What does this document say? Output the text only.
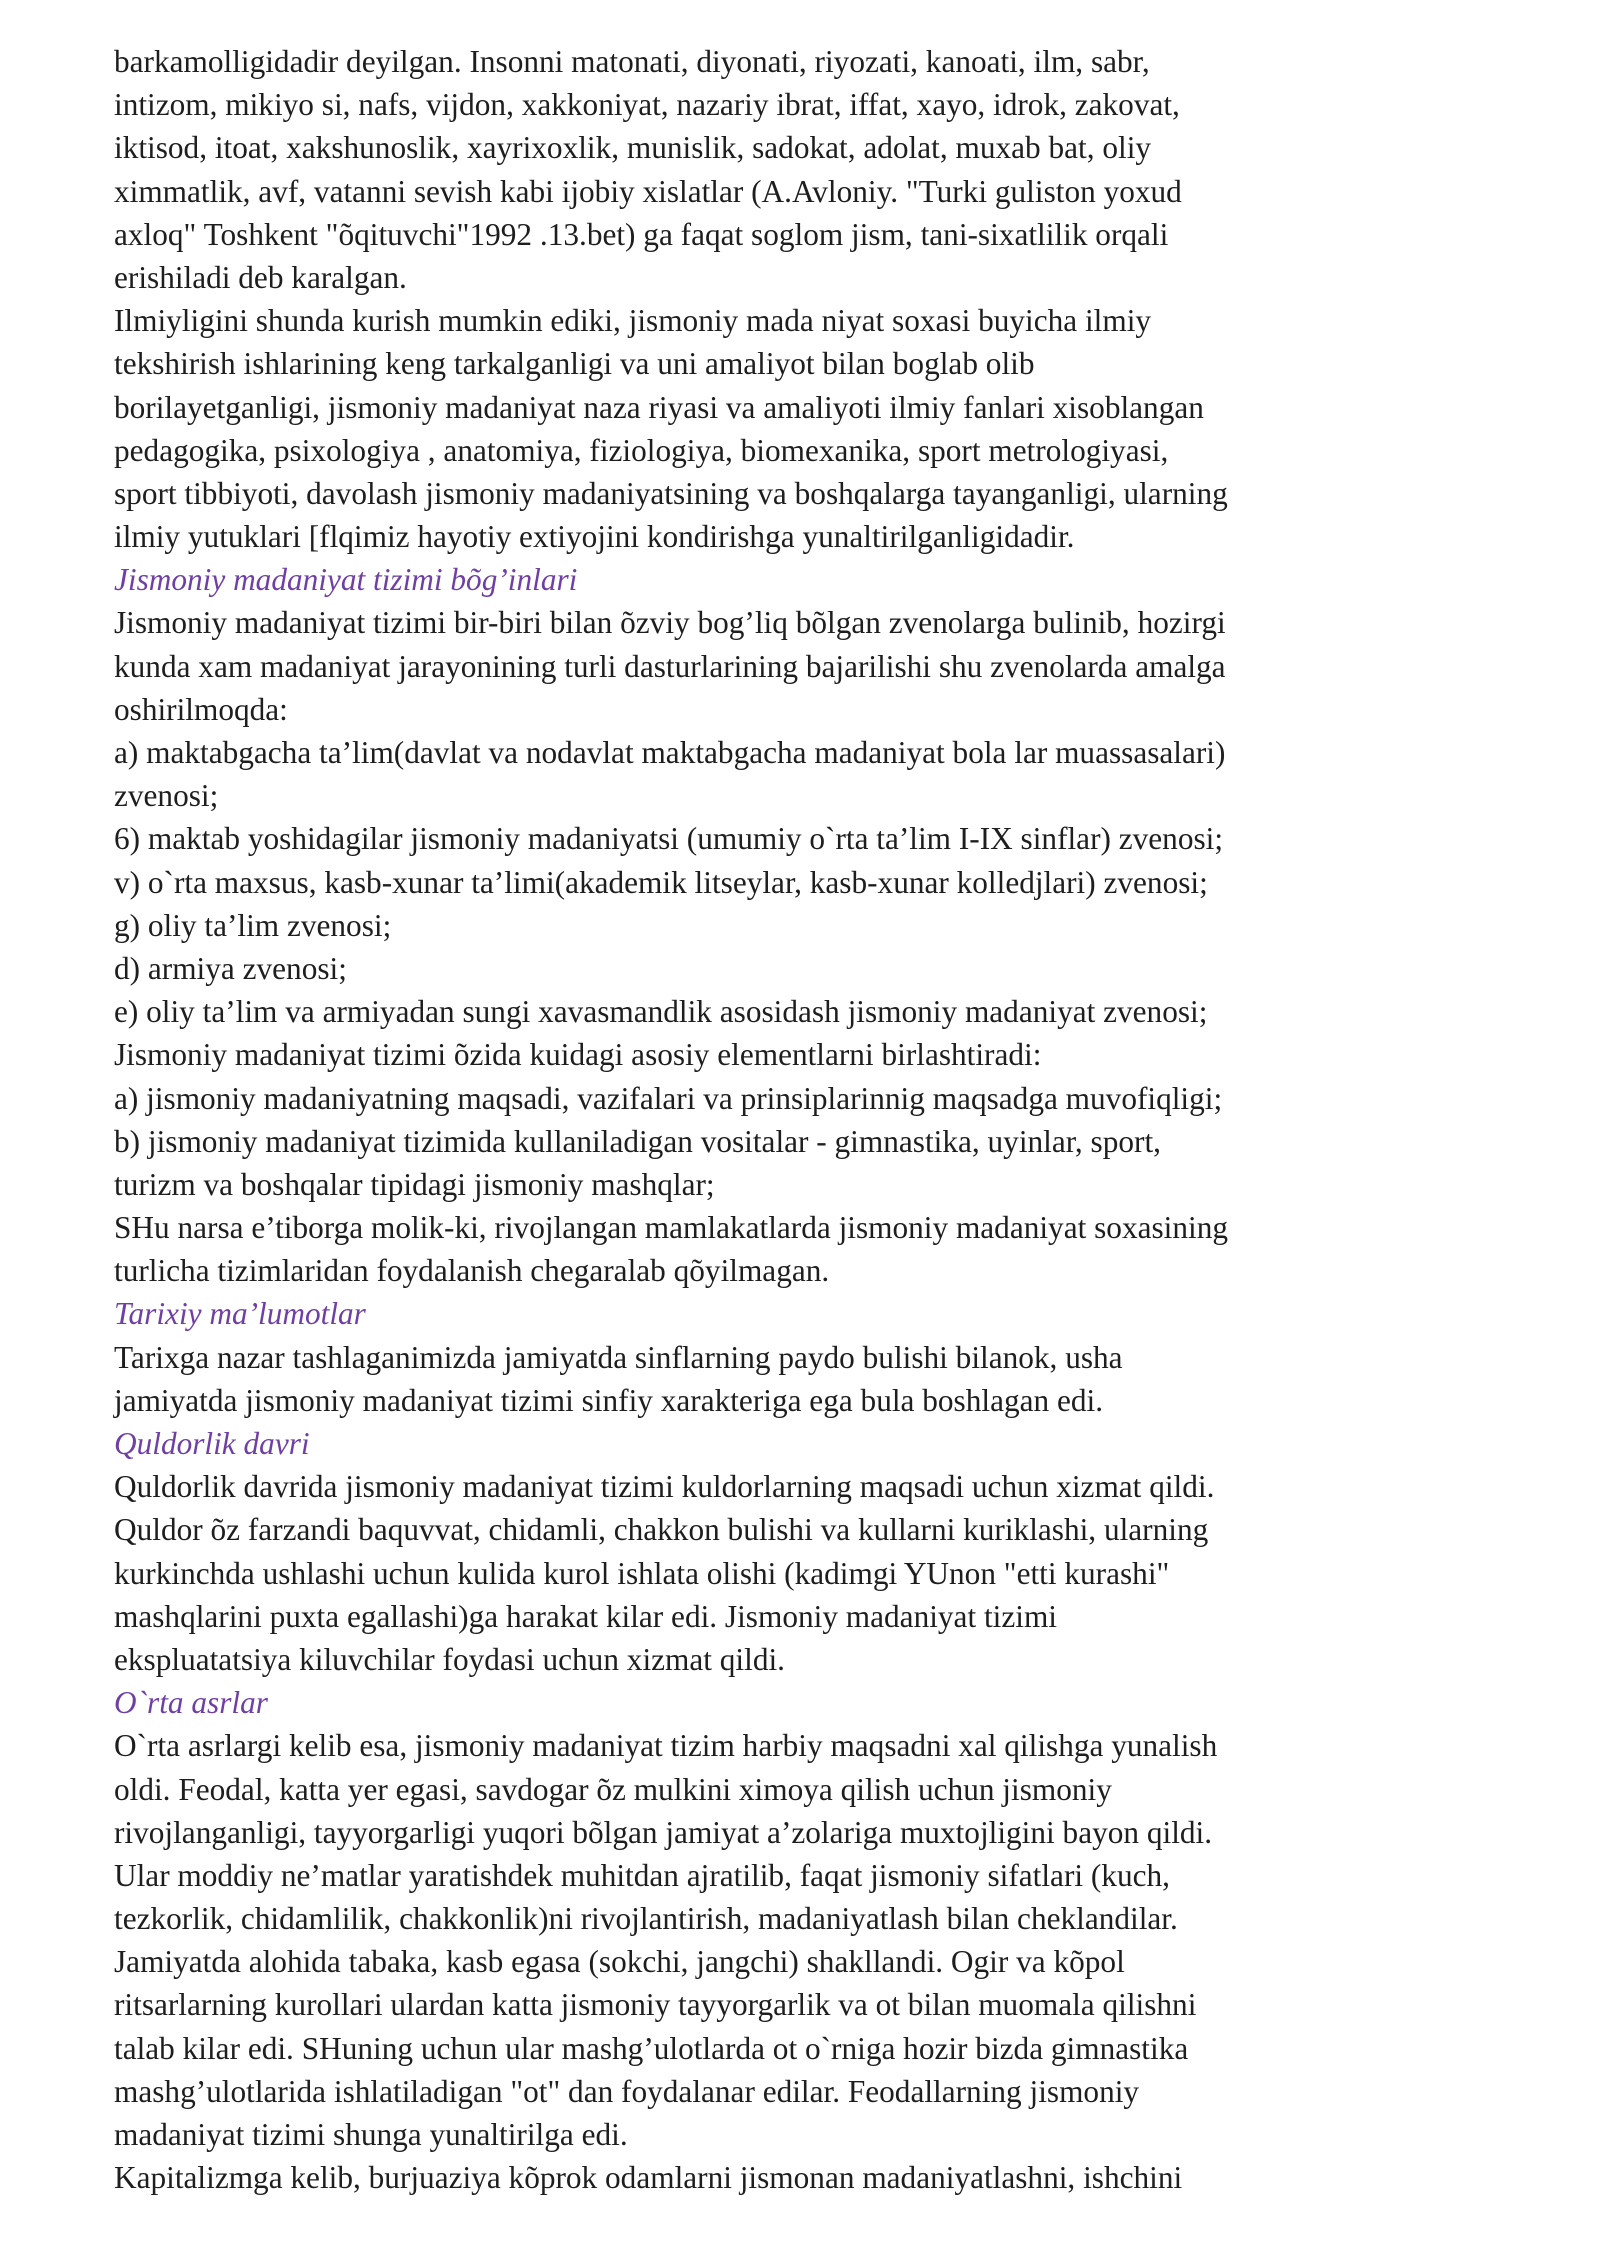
barkamolligidadir deyilgan. Insonni matonati, diyonati, riyozati, kanoati, ilm, sabr,
intizom, mikiyo si, nafs, vijdon, xakkoniyat, nazariy ibrat, iffat, xayo, idrok, zakovat,
iktisod, itoat, xakshunoslik, xayrixoxlik, munislik, sadokat, adolat, muxab bat, oliy
ximmatlik, avf, vatanni sevish kabi ijobiy xislatlar (A.Avloniy. "Turki guliston yoxud
axloq" Toshkent "õqituvchi"1992 .13.bet) ga faqat soglom jism, tani-sixatlilik orqali
erishiladi deb karalgan.
Ilmiyligini shunda kurish mumkin ediki, jismoniy mada niyat soxasi buyicha ilmiy
tekshirish ishlarining keng tarkalganligi va uni amaliyot bilan boglab olib
borilayetganligi, jismoniy madaniyat naza riyasi va amaliyoti ilmiy fanlari xisoblangan
pedagogika, psixologiya , anatomiya, fiziologiya, biomexanika, sport metrologiyasi,
sport tibbiyoti, davolash jismoniy madaniyatsining va boshqalarga tayanganligi, ularning
ilmiy yutuklari [flqimiz hayotiy extiyojini kondirishga yunaltirilganligidadir.
Jismoniy madaniyat tizimi bõg’inlari
Jismoniy madaniyat tizimi bir-biri bilan õzviy bog’liq bõlgan zvenolarga bulinib, hozirgi
kunda xam madaniyat jarayonining turli dasturlarining bajarilishi shu zvenolarda amalga
oshirilmoqda:
a) maktabgacha ta’lim(davlat va nodavlat maktabgacha madaniyat bola lar muassasalari)
zvenosi;
6) maktab yoshidagilar jismoniy madaniyatsi (umumiy o`rta ta’lim I-IX sinflar) zvenosi;
v) o`rta maxsus, kasb-xunar ta’limi(akademik litseylar, kasb-xunar kolledjlari) zvenosi;
g) oliy ta’lim zvenosi;
d) armiya zvenosi;
e) oliy ta’lim va armiyadan sungi xavasmandlik asosidash jismoniy madaniyat zvenosi;
Jismoniy madaniyat tizimi õzida kuidagi asosiy elementlarni birlashtiradi:
a) jismoniy madaniyatning maqsadi, vazifalari va prinsiplarinnig maqsadga muvofiqligi;
b) jismoniy madaniyat tizimida kullaniladigan vositalar - gimnastika, uyinlar, sport,
turizm va boshqalar tipidagi jismoniy mashqlar;
SHu narsa e’tiborga molik-ki, rivojlangan mamlakatlarda jismoniy madaniyat soxasining
turlicha tizimlaridan foydalanish chegaralab qõyilmagan.
Tarixiy ma’lumotlar
Tarixga nazar tashlaganimizda jamiyatda sinflarning paydo bulishi bilanok, usha
jamiyatda jismoniy madaniyat tizimi sinfiy xarakteriga ega bula boshlagan edi.
Quldorlik davri
Quldorlik davrida jismoniy madaniyat tizimi kuldorlarning maqsadi uchun xizmat qildi.
Quldor õz farzandi baquvvat, chidamli, chakkon bulishi va kullarni kuriklashi, ularning
kurkinchda ushlashi uchun kulida kurol ishlata olishi (kadimgi YUnon "etti kurashi"
mashqlarini puxta egallashi)ga harakat kilar edi. Jismoniy madaniyat tizimi
ekspluatatsiya kiluvchilar foydasi uchun xizmat qildi.
O`rta asrlar
O`rta asrlargi kelib esa, jismoniy madaniyat tizim harbiy maqsadni xal qilishga yunalish
oldi. Feodal, katta yer egasi, savdogar õz mulkini ximoya qilish uchun jismoniy
rivojlanganligi, tayyorgarligi yuqori bõlgan jamiyat a’zolariga muxtojligini bayon qildi.
Ular moddiy ne’matlar yaratishdek muhitdan ajratilib, faqat jismoniy sifatlari (kuch,
tezkorlik, chidamlilik, chakkonlik)ni rivojlantirish, madaniyatlash bilan cheklandilar.
Jamiyatda alohida tabaka, kasb egasa (sokchi, jangchi) shakllandi. Ogir va kõpol
ritsarlarning kurollari ulardan katta jismoniy tayyorgarlik va ot bilan muomala qilishni
talab kilar edi. SHuning uchun ular mashg’ulotlarda ot o`rniga hozir bizda gimnastika
mashg’ulotlarida ishlatiladigan "ot" dan foydalanar edilar. Feodallarning jismoniy
madaniyat tizimi shunga yunaltirilga edi.
Kapitalizmga kelib, burjuaziya kõprok odamlarni jismonan madaniyatlashni, ishchini
